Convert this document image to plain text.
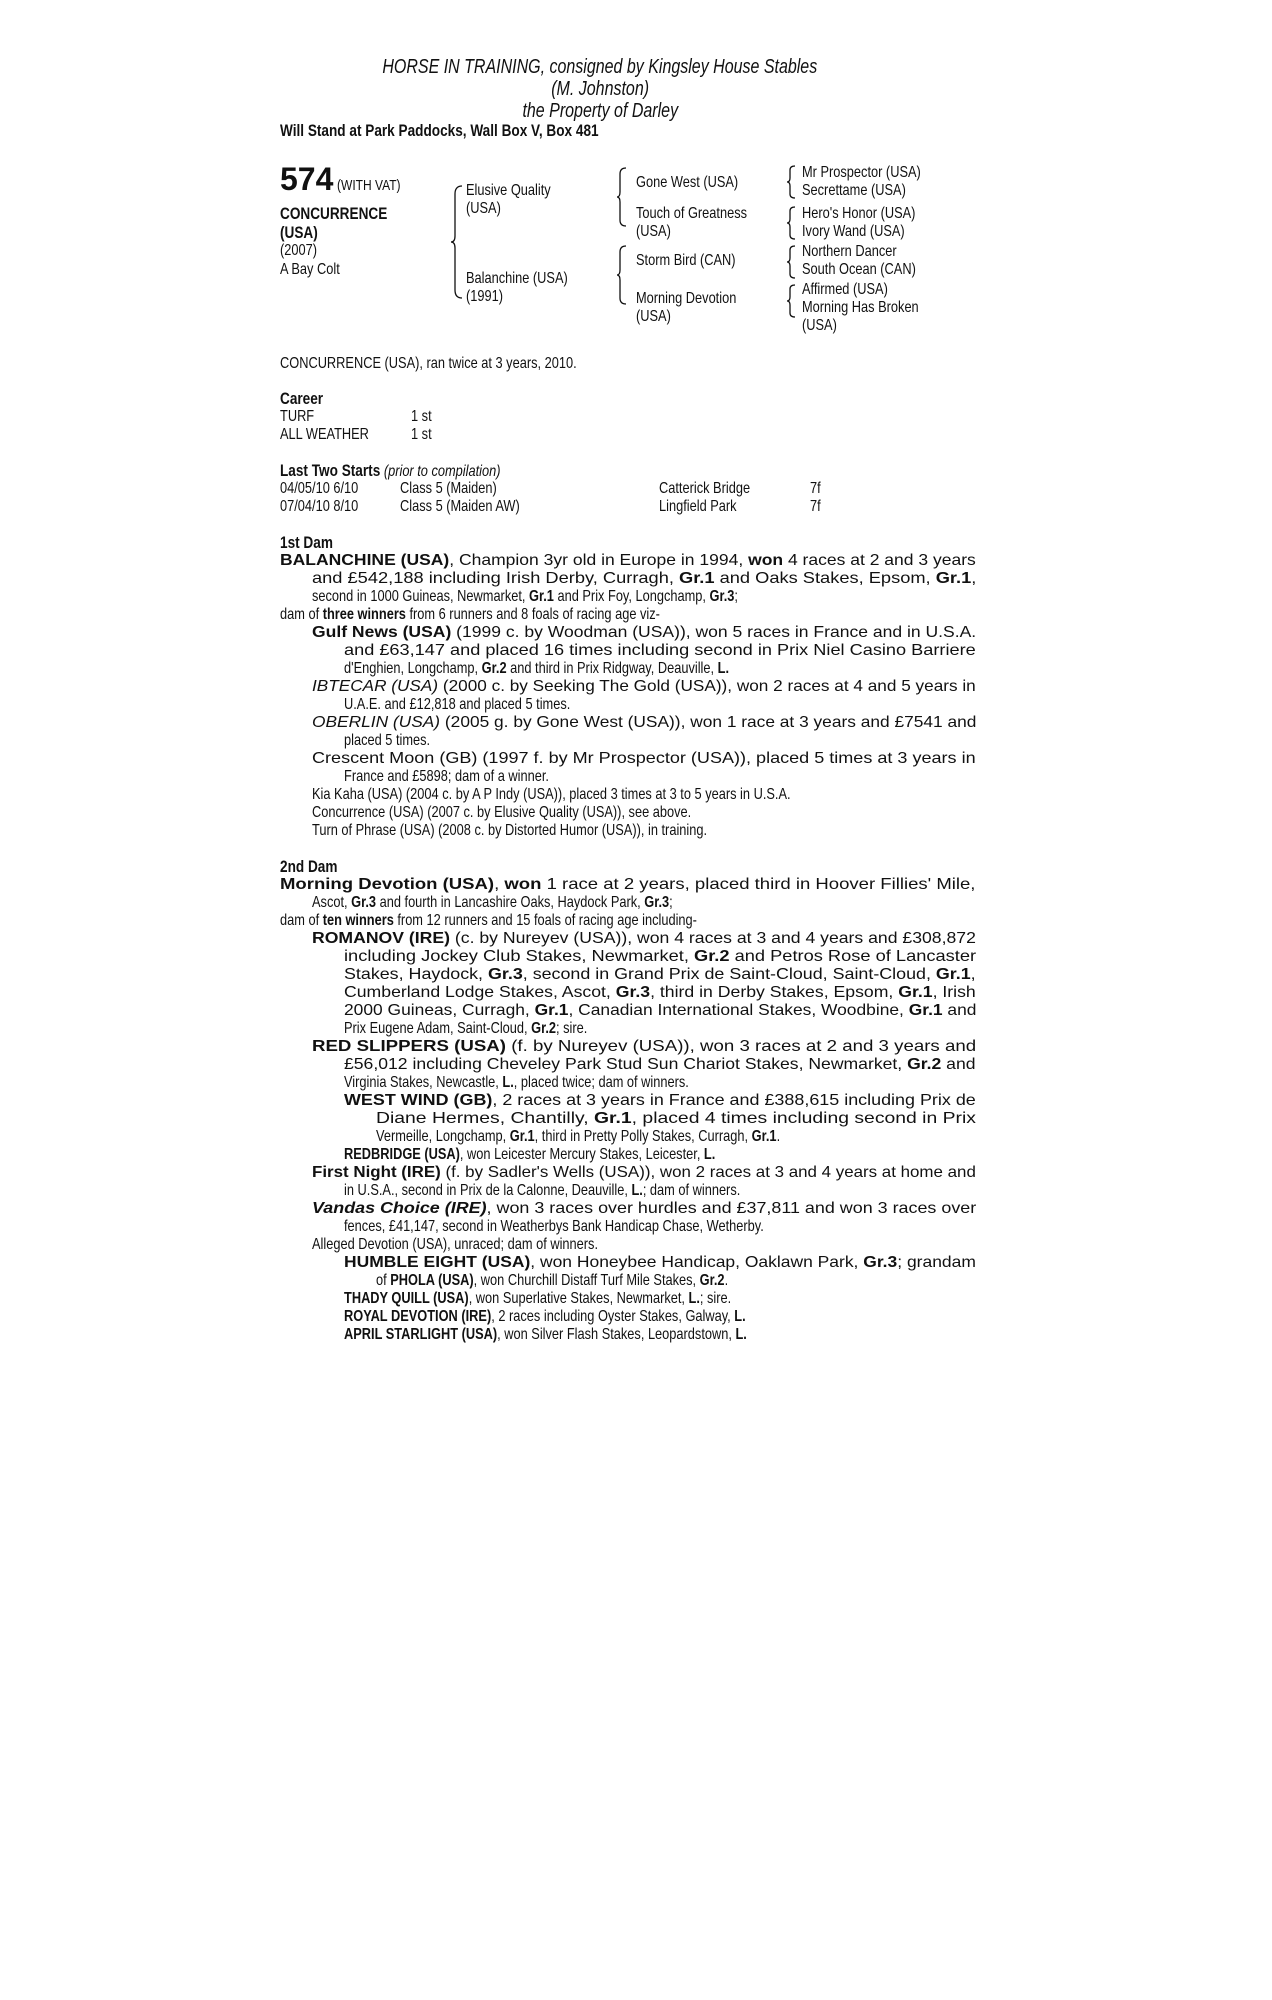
HORSE IN TRAINING, consigned by Kingsley House Stables
(M. Johnston)
the Property of Darley
Will Stand at Park Paddocks, Wall Box V, Box 481
574 (WITH VAT)
CONCURRENCE
(USA)
(2007)
A Bay Colt
Elusive Quality
(USA)
Balanchine (USA)
(1991)
Gone West (USA)
Touch of Greatness
(USA)
Storm Bird (CAN)
Morning Devotion
(USA)
Mr Prospector (USA)
Secrettame (USA)
Hero's Honor (USA)
Ivory Wand (USA)
Northern Dancer
South Ocean (CAN)
Affirmed (USA)
Morning Has Broken
(USA)
CONCURRENCE (USA), ran twice at 3 years, 2010.
Career
TURF	1 st
ALL WEATHER	1 st
Last Two Starts (prior to compilation)
04/05/10 6/10	Class 5 (Maiden)	Catterick Bridge	7f
07/04/10 8/10	Class 5 (Maiden AW)	Lingfield Park	7f
1st Dam
BALANCHINE (USA), Champion 3yr old in Europe in 1994, won 4 races at 2 and 3 years
and £542,188 including Irish Derby, Curragh, Gr.1 and Oaks Stakes, Epsom, Gr.1,
second in 1000 Guineas, Newmarket, Gr.1 and Prix Foy, Longchamp, Gr.3;
dam of three winners from 6 runners and 8 foals of racing age viz-
Gulf News (USA) (1999 c. by Woodman (USA)), won 5 races in France and in U.S.A.
and £63,147 and placed 16 times including second in Prix Niel Casino Barriere
d'Enghien, Longchamp, Gr.2 and third in Prix Ridgway, Deauville, L.
IBTECAR (USA) (2000 c. by Seeking The Gold (USA)), won 2 races at 4 and 5 years in
U.A.E. and £12,818 and placed 5 times.
OBERLIN (USA) (2005 g. by Gone West (USA)), won 1 race at 3 years and £7541 and
placed 5 times.
Crescent Moon (GB) (1997 f. by Mr Prospector (USA)), placed 5 times at 3 years in
France and £5898; dam of a winner.
Kia Kaha (USA) (2004 c. by A P Indy (USA)), placed 3 times at 3 to 5 years in U.S.A.
Concurrence (USA) (2007 c. by Elusive Quality (USA)), see above.
Turn of Phrase (USA) (2008 c. by Distorted Humor (USA)), in training.
2nd Dam
Morning Devotion (USA), won 1 race at 2 years, placed third in Hoover Fillies' Mile,
Ascot, Gr.3 and fourth in Lancashire Oaks, Haydock Park, Gr.3;
dam of ten winners from 12 runners and 15 foals of racing age including-
ROMANOV (IRE) (c. by Nureyev (USA)), won 4 races at 3 and 4 years and £308,872
including Jockey Club Stakes, Newmarket, Gr.2 and Petros Rose of Lancaster
Stakes, Haydock, Gr.3, second in Grand Prix de Saint-Cloud, Saint-Cloud, Gr.1,
Cumberland Lodge Stakes, Ascot, Gr.3, third in Derby Stakes, Epsom, Gr.1, Irish
2000 Guineas, Curragh, Gr.1, Canadian International Stakes, Woodbine, Gr.1 and
Prix Eugene Adam, Saint-Cloud, Gr.2; sire.
RED SLIPPERS (USA) (f. by Nureyev (USA)), won 3 races at 2 and 3 years and
£56,012 including Cheveley Park Stud Sun Chariot Stakes, Newmarket, Gr.2 and
Virginia Stakes, Newcastle, L., placed twice; dam of winners.
WEST WIND (GB), 2 races at 3 years in France and £388,615 including Prix de
Diane Hermes, Chantilly, Gr.1, placed 4 times including second in Prix
Vermeille, Longchamp, Gr.1, third in Pretty Polly Stakes, Curragh, Gr.1.
REDBRIDGE (USA), won Leicester Mercury Stakes, Leicester, L.
First Night (IRE) (f. by Sadler's Wells (USA)), won 2 races at 3 and 4 years at home and
in U.S.A., second in Prix de la Calonne, Deauville, L.; dam of winners.
Vandas Choice (IRE), won 3 races over hurdles and £37,811 and won 3 races over
fences, £41,147, second in Weatherbys Bank Handicap Chase, Wetherby.
Alleged Devotion (USA), unraced; dam of winners.
HUMBLE EIGHT (USA), won Honeybee Handicap, Oaklawn Park, Gr.3; grandam
of PHOLA (USA), won Churchill Distaff Turf Mile Stakes, Gr.2.
THADY QUILL (USA), won Superlative Stakes, Newmarket, L.; sire.
ROYAL DEVOTION (IRE), 2 races including Oyster Stakes, Galway, L.
APRIL STARLIGHT (USA), won Silver Flash Stakes, Leopardstown, L.
